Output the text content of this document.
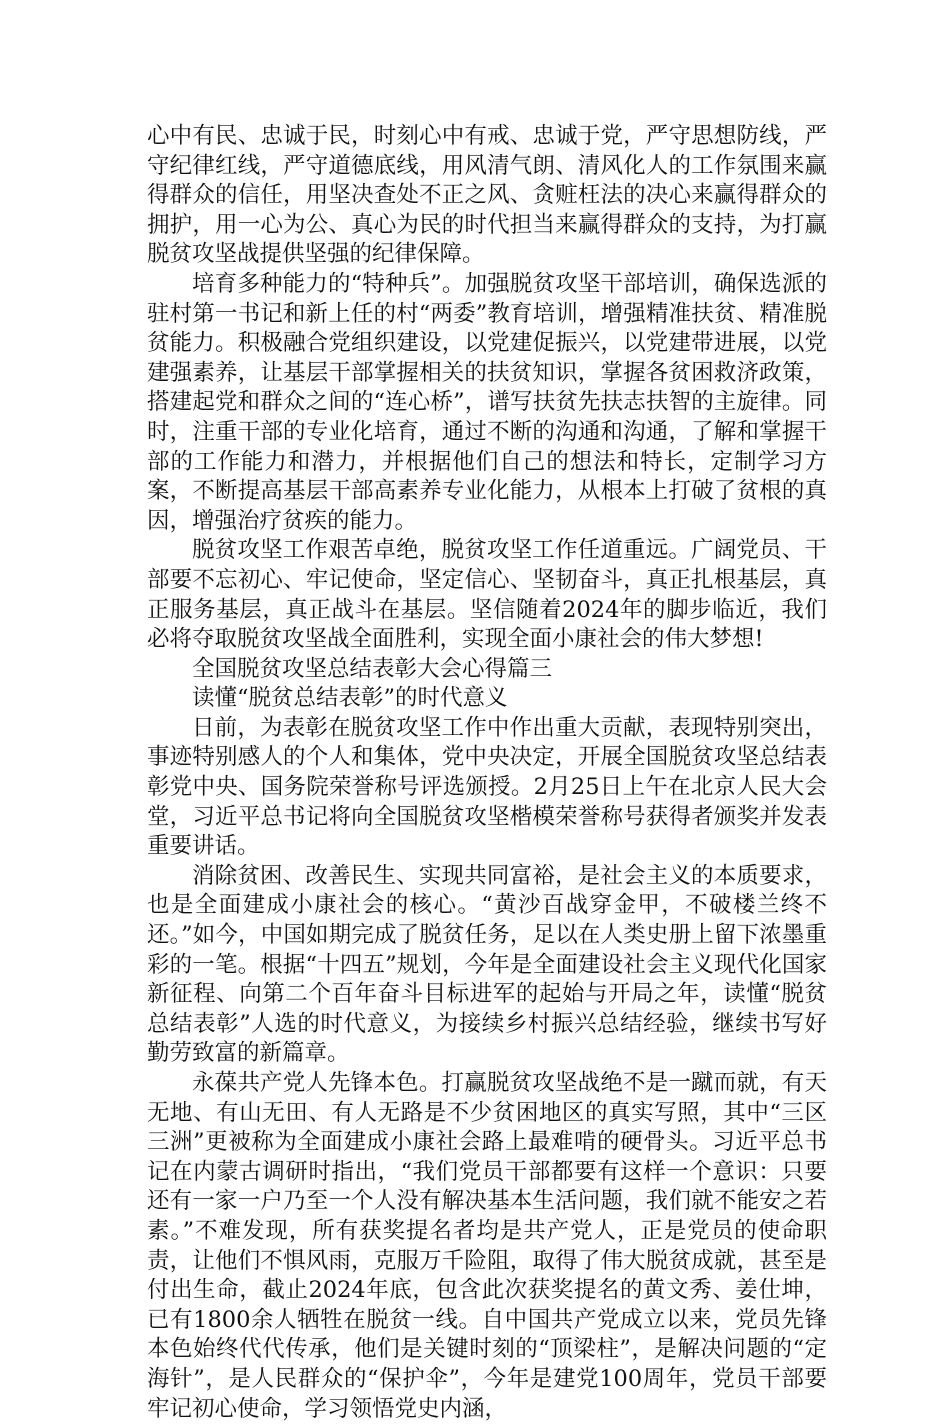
心中有民、忠诚于民，时刻心中有戒、忠诚于党，严守思想防线，严守纪律红线，严守道德底线，用风清气朗、清风化人的工作氛围来赢得群众的信任，用坚决查处不正之风、贪赃枉法的决心来赢得群众的拥护，用一心为公、真心为民的时代担当来赢得群众的支持，为打赢脱贫攻坚战提供坚强的纪律保障。

培育多种能力的“特种兵”。加强脱贫攻坚干部培训，确保选派的驻村第一书记和新上任的村“两委”教育培训，增强精准扶贫、精准脱贫能力。积极融合党组织建设，以党建促振兴，以党建带进展，以党建强素养，让基层干部掌握相关的扶贫知识，掌握各贫困救济政策，搭建起党和群众之间的“连心桥”，谱写扶贫先扶志扶智的主旋律。同时，注重干部的专业化培育，通过不断的沟通和沟通，了解和掌握干部的工作能力和潜力，并根据他们自己的想法和特长，定制学习方案，不断提高基层干部高素养专业化能力，从根本上打破了贫根的真因，增强治疗贫疾的能力。

脱贫攻坚工作艰苦卓绝，脱贫攻坚工作任道重远。广阔党员、干部要不忘初心、牢记使命，坚定信心、坚韧奋斗，真正扎根基层，真正服务基层，真正战斗在基层。坚信随着2024年的脚步临近，我们必将夺取脱贫攻坚战全面胜利，实现全面小康社会的伟大梦想!

全国脱贫攻坚总结表彰大会心得篇三

读懂“脱贫总结表彰”的时代意义

日前，为表彰在脱贫攻坚工作中作出重大贡献，表现特别突出，事迹特别感人的个人和集体，党中央决定，开展全国脱贫攻坚总结表彰党中央、国务院荣誉称号评选颁授。2月25日上午在北京人民大会堂，习近平总书记将向全国脱贫攻坚楷模荣誉称号获得者颁奖并发表重要讲话。

消除贫困、改善民生、实现共同富裕，是社会主义的本质要求，也是全面建成小康社会的核心。“黄沙百战穿金甲，不破楼兰终不还。”如今，中国如期完成了脱贫任务，足以在人类史册上留下浓墨重彩的一笔。根据“十四五”规划，今年是全面建设社会主义现代化国家新征程、向第二个百年奋斗目标进军的起始与开局之年，读懂“脱贫总结表彰”人选的时代意义，为接续乡村振兴总结经验，继续书写好勤劳致富的新篇章。

永葆共产党人先锋本色。打赢脱贫攻坚战绝不是一蹴而就，有天无地、有山无田、有人无路是不少贫困地区的真实写照，其中“三区三洲”更被称为全面建成小康社会路上最难啃的硬骨头。习近平总书记在内蒙古调研时指出，“我们党员干部都要有这样一个意识：只要还有一家一户乃至一个人没有解决基本生活问题，我们就不能安之若素。”不难发现，所有获奖提名者均是共产党人，正是党员的使命职责，让他们不惧风雨，克服万千险阻，取得了伟大脱贫成就，甚至是付出生命，截止2024年底，包含此次获奖提名的黄文秀、姜仕坤，已有1800余人牺牲在脱贫一线。自中国共产党成立以来，党员先锋本色始终代代传承，他们是关键时刻的“顶梁柱”，是解决问题的“定海针”，是人民群众的“保护伞”，今年是建党100周年，党员干部要牢记初心使命，学习领悟党史内涵，
